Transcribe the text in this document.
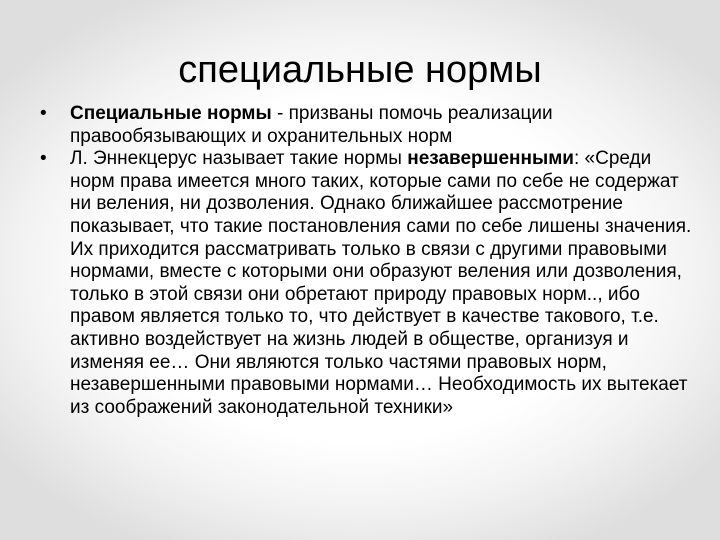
специальные нормы
• Специальные нормы - призваны помочь реализации правообязывающих и охранительных норм
• Л. Эннекцерус называет такие нормы незавершенными: «Среди норм права имеется много таких, которые сами по себе не содержат ни веления, ни дозволения. Однако ближайшее рассмотрение показывает, что такие постановления сами по себе лишены значения. Их приходится рассматривать только в связи с другими правовыми нормами, вместе с которыми они образуют веления или дозволения, только в этой связи они обретают природу правовых норм.., ибо правом является только то, что действует в качестве такового, т.е. активно воздействует на жизнь людей в обществе, организуя и изменяя ее… Они являются только частями правовых норм, незавершенными правовыми нормами… Необходимость их вытекает из соображений законодательной техники»
